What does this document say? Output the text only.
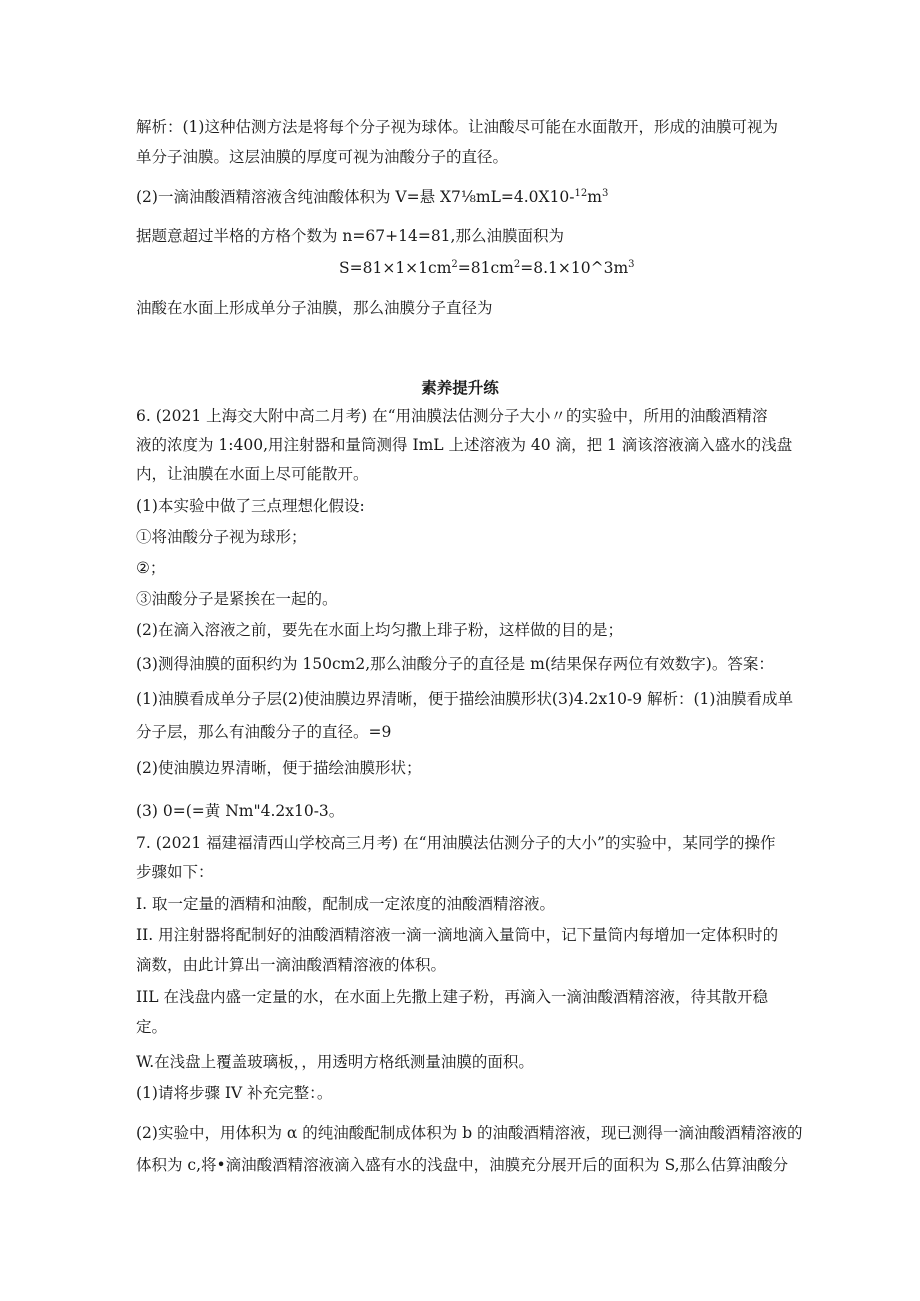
解析：(1)这种估测方法是将每个分子视为球体。让油酸尽可能在水面散开，形成的油膜可视为
单分子油膜。这层油膜的厚度可视为油酸分子的直径。
(2)一滴油酸酒精溶液含纯油酸体积为 V=悬 $X7\frac{1}{8}mL=4.0X10-^{12}m^3$
据题意超过半格的方格个数为 n=67+14=81,那么油膜面积为
$S=81\times 1\times 1cm^2=81cm^2=8.1\times 10\^{}3m^3$
油酸在水面上形成单分子油膜，那么油膜分子直径为
素养提升练
6. (2021 上海交大附中高二月考) 在“用油膜法估测分子大小〃的实验中，所用的油酸酒精溶
液的浓度为 1:400,用注射器和量筒测得 ImL 上述溶液为 40 滴，把 1 滴该溶液滴入盛水的浅盘
内，让油膜在水面上尽可能散开。
(1)本实验中做了三点理想化假设:
①将油酸分子视为球形；
②；
③油酸分子是紧挨在一起的。
(2)在滴入溶液之前，要先在水面上均匀撒上琲子粉，这样做的目的是；
(3)测得油膜的面积约为 150cm2,那么油酸分子的直径是 m(结果保存两位有效数字)。答案：
(1)油膜看成单分子层(2)使油膜边界清晰，便于描绘油膜形状(3)4.2x10-9 解析：(1)油膜看成单
分子层，那么有油酸分子的直径。=9
(2)使油膜边界清晰，便于描绘油膜形状；
(3) 0=(=黄 Nm"4.2x10-3。
7. (2021 福建福清西山学校高三月考) 在“用油膜法估测分子的大小”的实验中，某同学的操作
步骤如下：
I. 取一定量的酒精和油酸，配制成一定浓度的油酸酒精溶液。
II. 用注射器将配制好的油酸酒精溶液一滴一滴地滴入量筒中，记下量筒内每增加一定体积时的
滴数，由此计算出一滴油酸酒精溶液的体积。
IIL 在浅盘内盛一定量的水，在水面上先撒上建子粉，再滴入一滴油酸酒精溶液，待其散开稳
定。
W.在浅盘上覆盖玻璃板，，用透明方格纸测量油膜的面积。
(1)请将步骤 IV 补充完整：。
(2)实验中，用体积为 α 的纯油酸配制成体积为 b 的油酸酒精溶液，现已测得一滴油酸酒精溶液的
体积为 c,将•滴油酸酒精溶液滴入盛有水的浅盘中，油膜充分展开后的面积为 S,那么估算油酸分
